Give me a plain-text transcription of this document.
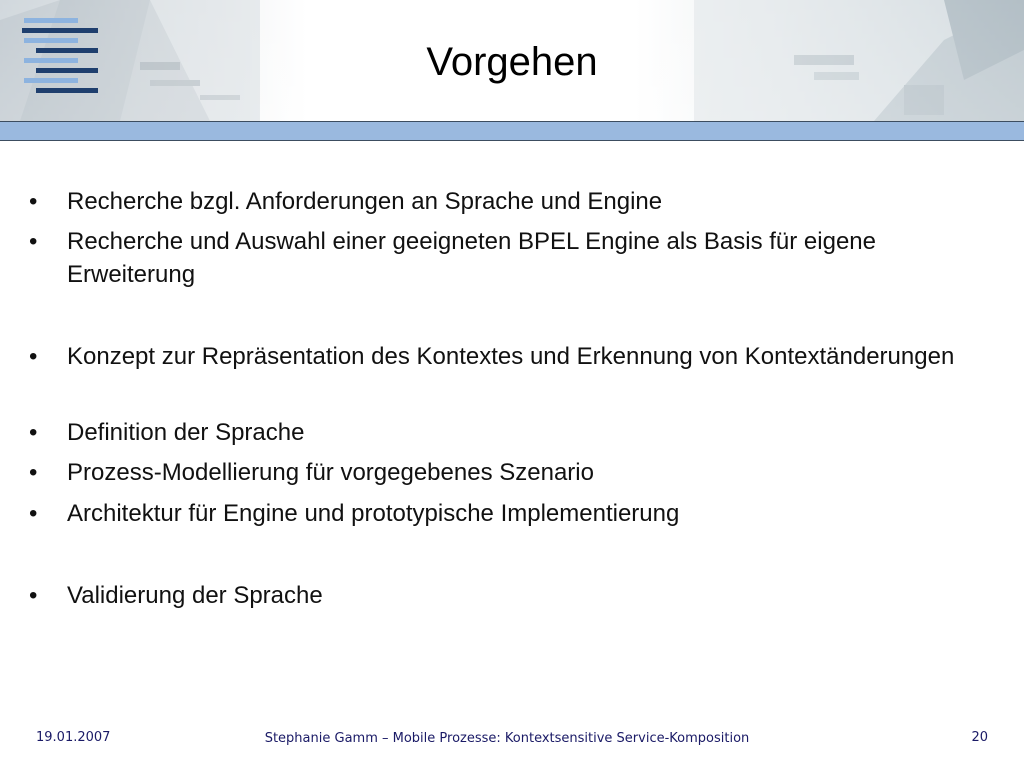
Vorgehen
•	Recherche bzgl. Anforderungen an Sprache und Engine
•	Recherche und Auswahl einer geeigneten BPEL Engine als Basis für eigene Erweiterung
•	Konzept zur Repräsentation des Kontextes und Erkennung von Kontextänderungen
•	Definition der Sprache
•	Prozess-Modellierung für vorgegebenes Szenario
•	Architektur für Engine und prototypische Implementierung
•	Validierung der Sprache
19.01.2007	Stephanie Gamm – Mobile Prozesse: Kontextsensitive Service-Komposition	20
